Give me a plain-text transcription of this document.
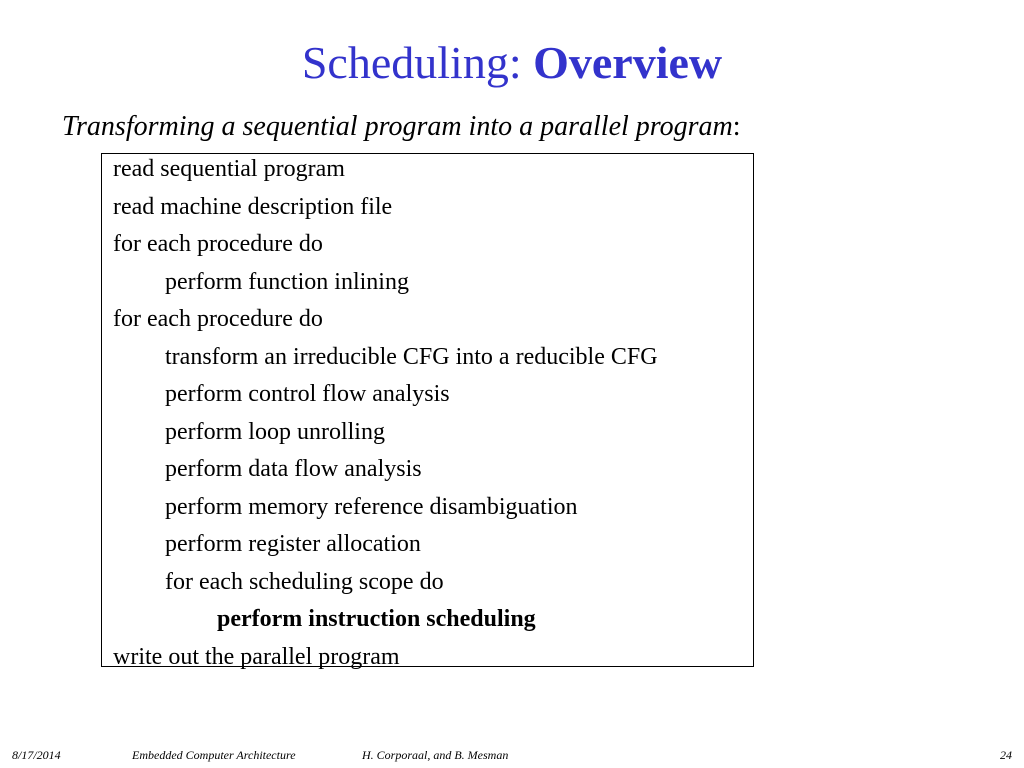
Scheduling: Overview
Transforming a sequential program into a parallel program:
read sequential program
read machine description file
for each procedure do
perform function inlining
for each procedure do
transform an irreducible CFG into a reducible CFG
perform control flow analysis
perform loop unrolling
perform data flow analysis
perform memory reference disambiguation
perform register allocation
for each scheduling scope do
perform instruction scheduling
write out the parallel program
8/17/2014	Embedded Computer Architecture	H. Corporaal, and B. Mesman	24
